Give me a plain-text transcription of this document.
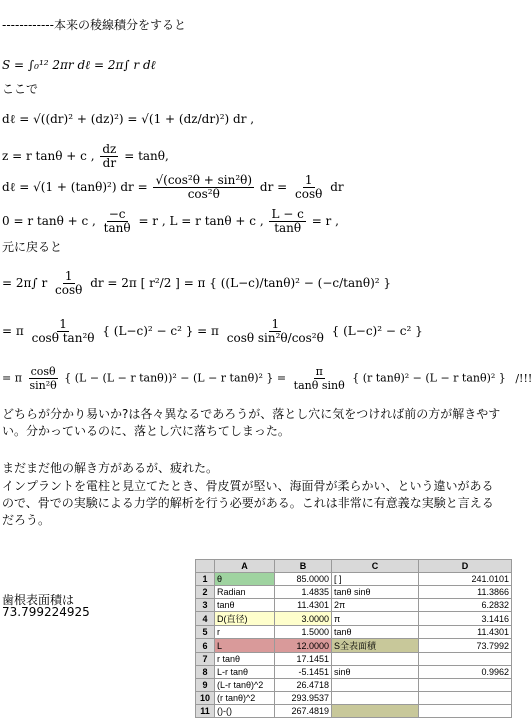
------------本来の稜線積分をすると
S = ∫₀¹² 2πr dℓ = 2π∫ r dℓ
ここで
dℓ = √((dr)² + (dz)²) = √(1 + (dz/dr)²) dr ,
z = r tanθ + c , $\frac{dz}{dr} = \tan\theta$,
dℓ = √(1 + (tanθ)²) dr = $\frac{\text{√(cos²θ + sin²θ)}}{\text{cos²θ}}$ dr = $\frac{1}{\cos\theta}$ dr
0 = r tanθ + c , $\frac{-c}{\tan\theta} = r$ , L = r tanθ + c , $\frac{L - c}{\tan\theta} = r$ ,
元に戻ると
= 2π∫ r $\frac{1}{\cos\theta}$ dr = 2π [ r²/2 ] = π { ((L−c)/tanθ)² − (−c/tanθ)² }
= π $\frac{1}{\text{cosθ tan²θ}}$ { (L−c)² − c² } = π $\frac{1}{\text{cosθ sin²θ/cos²θ}}$ { (L−c)² − c² }
= π $\frac{\cos\theta}{\text{sin²θ}}$ { (L − (L − r tanθ))² − (L − r tanθ)² } = $\frac{\pi}{\text{tanθ sinθ}}$ { (r tanθ)² − (L − r tanθ)² } /!!!
どちらが分かり易いか?は各々異なるであろうが、落とし穴に気をつければ前の方が解きやすい。分かっているのに、落とし穴に落ちてしまった。
まだまだ他の解き方があるが、疲れた。
インプラントを電柱と見立てたとき、骨皮質が堅い、海面骨が柔らかい、という違いがあるので、骨での実験による力学的解析を行う必要がある。これは非常に有意義な実験と言えるだろう。
歯根表面積は
73.799224925
	A	B	C	D
1	θ	85.0000	[ ]	241.0101
2	Radian	1.4835	tanθ sinθ	11.3866
3	tanθ	11.4301	2π	6.2832
4	D(直径)	3.0000	π	3.1416
5	r	1.5000	tanθ	11.4301
6	L	12.0000	S全表面積	73.7992
7	r tanθ	17.1451		
8	L-r tanθ	-5.1451	sinθ	0.9962
9	(L-r tanθ)^2	26.4718		
10	(r tanθ)^2	293.9537		
11	()-()	267.4819		
